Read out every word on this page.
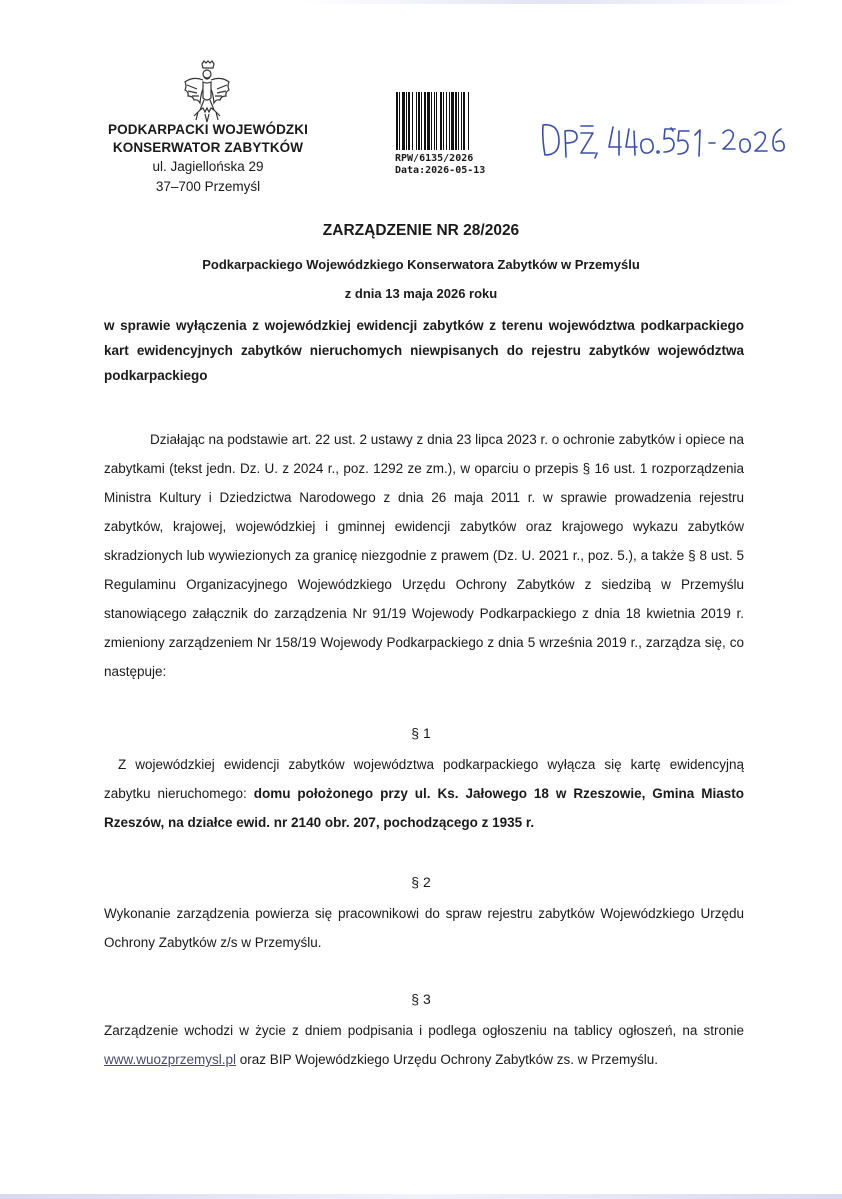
PODKARPACKI WOJEWÓDZKI
KONSERWATOR ZABYTKÓW
ul. Jagiellońska 29
37–700 Przemyśl
RPW/6135/2026
Data:2026-05-13
ZARZĄDZENIE NR 28/2026
Podkarpackiego Wojewódzkiego Konserwatora Zabytków w Przemyślu
z dnia 13 maja 2026 roku
w sprawie wyłączenia z wojewódzkiej ewidencji zabytków z terenu województwa podkarpackiego kart ewidencyjnych zabytków nieruchomych niewpisanych do rejestru zabytków województwa podkarpackiego
Działając na podstawie art. 22 ust. 2 ustawy z dnia 23 lipca 2023 r. o ochronie zabytków i opiece na zabytkami (tekst jedn. Dz. U. z 2024 r., poz. 1292 ze zm.), w oparciu o przepis § 16 ust. 1 rozporządzenia Ministra Kultury i Dziedzictwa Narodowego z dnia 26 maja 2011 r. w sprawie prowadzenia rejestru zabytków, krajowej, wojewódzkiej i gminnej ewidencji zabytków oraz krajowego wykazu zabytków skradzionych lub wywiezionych za granicę niezgodnie z prawem (Dz. U. 2021 r., poz. 5.), a także § 8 ust. 5 Regulaminu Organizacyjnego Wojewódzkiego Urzędu Ochrony Zabytków z siedzibą w Przemyślu stanowiącego załącznik do zarządzenia Nr 91/19 Wojewody Podkarpackiego z dnia 18 kwietnia 2019 r. zmieniony zarządzeniem Nr 158/19 Wojewody Podkarpackiego z dnia 5 września 2019 r., zarządza się, co następuje:
§ 1
Z wojewódzkiej ewidencji zabytków województwa podkarpackiego wyłącza się kartę ewidencyjną zabytku nieruchomego: domu położonego przy ul. Ks. Jałowego 18 w Rzeszowie, Gmina Miasto Rzeszów, na działce ewid. nr 2140 obr. 207, pochodzącego z 1935 r.
§ 2
Wykonanie zarządzenia powierza się pracownikowi do spraw rejestru zabytków Wojewódzkiego Urzędu Ochrony Zabytków z/s w Przemyślu.
§ 3
Zarządzenie wchodzi w życie z dniem podpisania i podlega ogłoszeniu na tablicy ogłoszeń, na stronie www.wuozprzemysl.pl oraz BIP Wojewódzkiego Urzędu Ochrony Zabytków zs. w Przemyślu.
